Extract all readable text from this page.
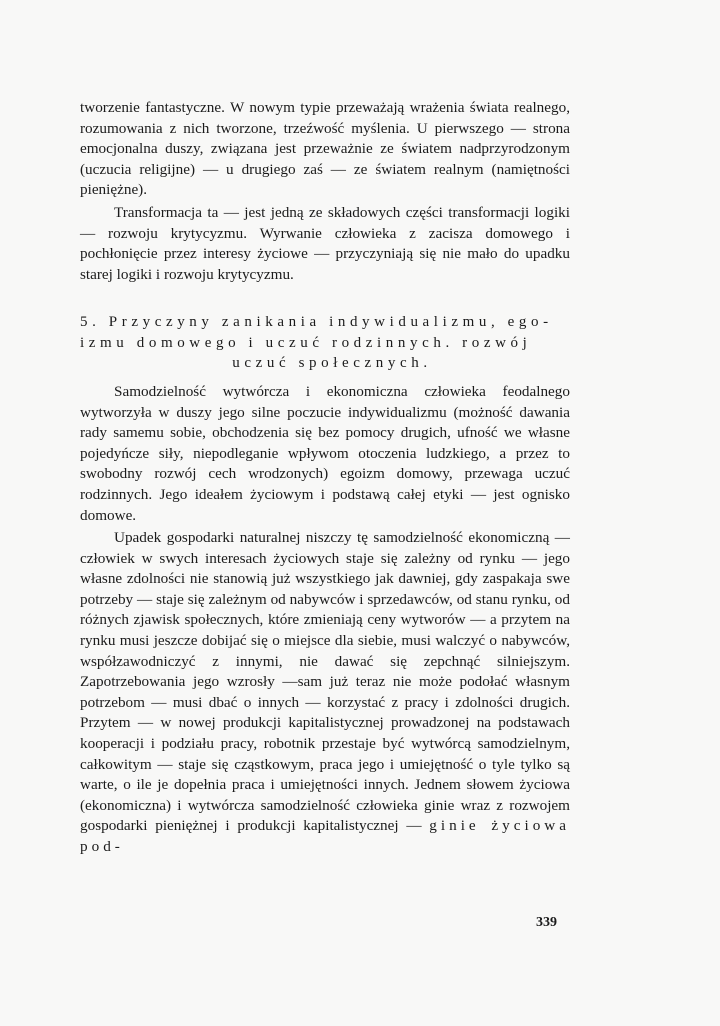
tworzenie fantastyczne. W nowym typie przeważają wrażenia świata realnego, rozumowania z nich tworzone, trzeźwość myślenia. U pierwszego — strona emocjonalna duszy, związana jest przeważnie ze światem nadprzyrodzonym (uczucia religijne) — u drugiego zaś — ze światem realnym (namiętności pieniężne).

Transformacja ta — jest jedną ze składowych części transformacji logiki — rozwoju krytycyzmu. Wyrwanie człowieka z zacisza domowego i pochłonięcie przez interesy życiowe — przyczyniają się nie mało do upadku starej logiki i rozwoju krytycyzmu.

5. Przyczyny zanikania indywidualizmu, ego-
izmu domowego i uczuć rodzinnych. rozwój
uczuć społecznych.

Samodzielność wytwórcza i ekonomiczna człowieka feodalnego wytworzyła w duszy jego silne poczucie indywidualizmu (możność dawania rady samemu sobie, obchodzenia się bez pomocy drugich, ufność we własne pojedyńcze siły, niepodleganie wpływom otoczenia ludzkiego, a przez to swobodny rozwój cech wrodzonych) egoizm domowy, przewaga uczuć rodzinnych. Jego ideałem życiowym i podstawą całej etyki — jest ognisko domowe.

Upadek gospodarki naturalnej niszczy tę samodzielność ekonomiczną — człowiek w swych interesach życiowych staje się zależny od rynku — jego własne zdolności nie stanowią już wszystkiego jak dawniej, gdy zaspakaja swe potrzeby — staje się zależnym od nabywców i sprzedawców, od stanu rynku, od różnych zjawisk społecznych, które zmieniają ceny wytworów — a przytem na rynku musi jeszcze dobijać się o miejsce dla siebie, musi walczyć o nabywców, współzawodniczyć z innymi, nie dawać się zepchnąć silniejszym. Zapotrzebowania jego wzrosły —sam już teraz nie może podołać własnym potrzebom — musi dbać o innych — korzystać z pracy i zdolności drugich. Przytem — w nowej produkcji kapitalistycznej prowadzonej na podstawach kooperacji i podziału pracy, robotnik przestaje być wytwórcą samodzielnym, całkowitym — staje się cząstkowym, praca jego i umiejętność o tyle tylko są warte, o ile je dopełnia praca i umiejętności innych. Jednem słowem życiowa (ekonomiczna) i wytwórcza samodzielność człowieka ginie wraz z rozwojem gospodarki pieniężnej i produkcji kapitalistycznej — ginie życiowa pod-

339
